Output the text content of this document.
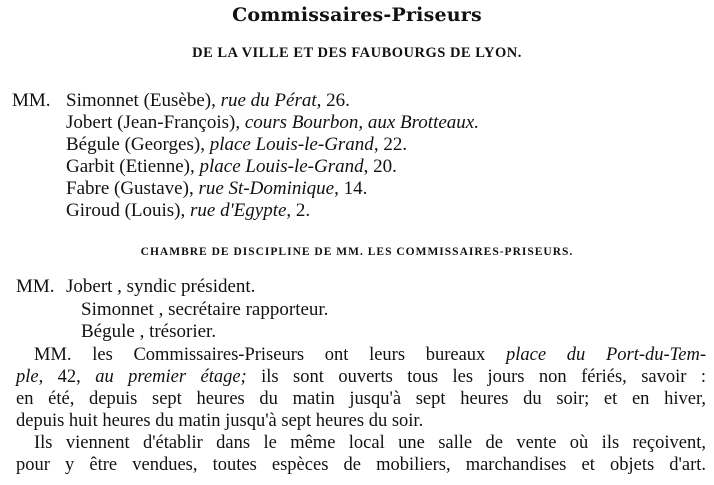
Commissaires-Priseurs
DE LA VILLE ET DES FAUBOURGS DE LYON.
MM. Simonnet (Eusèbe), rue du Pérat, 26.
Jobert (Jean-François), cours Bourbon, aux Brotteaux.
Bégule (Georges), place Louis-le-Grand, 22.
Garbit (Etienne), place Louis-le-Grand, 20.
Fabre (Gustave), rue St-Dominique, 14.
Giroud (Louis), rue d'Egypte, 2.
CHAMBRE DE DISCIPLINE DE MM. LES COMMISSAIRES-PRISEURS.
MM. Jobert , syndic président.
Simonnet , secrétaire rapporteur.
Bégule , trésorier.
MM. les Commissaires-Priseurs ont leurs bureaux place du Port-du-Tem-
ple, 42, au premier étage; ils sont ouverts tous les jours non fériés, savoir :
en été, depuis sept heures du matin jusqu'à sept heures du soir; et en hiver,
depuis huit heures du matin jusqu'à sept heures du soir.
Ils viennent d'établir dans le même local une salle de vente où ils reçoivent,
pour y être vendues, toutes espèces de mobiliers, marchandises et objets d'art.
